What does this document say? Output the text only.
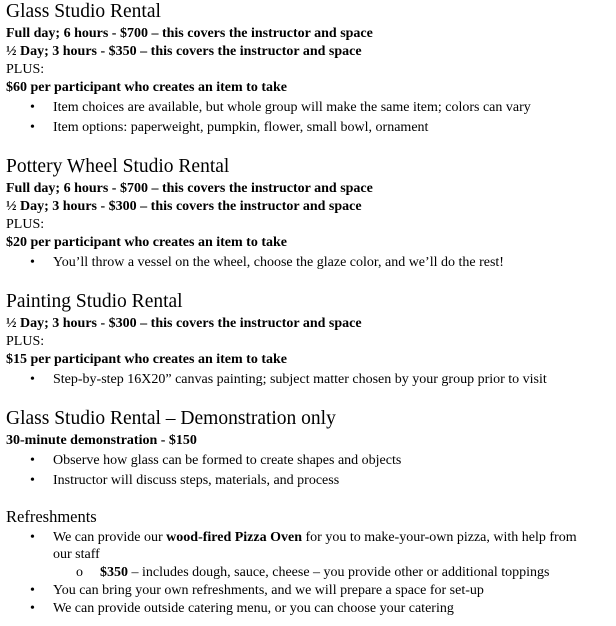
Glass Studio Rental
Full day; 6 hours - $700 – this covers the instructor and space
½ Day; 3 hours - $350 – this covers the instructor and space
PLUS:
$60 per participant who creates an item to take
•	Item choices are available, but whole group will make the same item; colors can vary
•	Item options: paperweight, pumpkin, flower, small bowl, ornament
Pottery Wheel Studio Rental
Full day; 6 hours - $700 – this covers the instructor and space
½ Day; 3 hours - $300 – this covers the instructor and space
PLUS:
$20 per participant who creates an item to take
•	You’ll throw a vessel on the wheel, choose the glaze color, and we’ll do the rest!
Painting Studio Rental
½ Day; 3 hours - $300 – this covers the instructor and space
PLUS:
$15 per participant who creates an item to take
•	Step-by-step 16X20” canvas painting; subject matter chosen by your group prior to visit
Glass Studio Rental – Demonstration only
30-minute demonstration - $150
•	Observe how glass can be formed to create shapes and objects
•	Instructor will discuss steps, materials, and process
Refreshments
•	We can provide our wood-fired Pizza Oven for you to make-your-own pizza, with help from our staff
o $350 – includes dough, sauce, cheese – you provide other or additional toppings
•	You can bring your own refreshments, and we will prepare a space for set-up
•	We can provide outside catering menu, or you can choose your catering
